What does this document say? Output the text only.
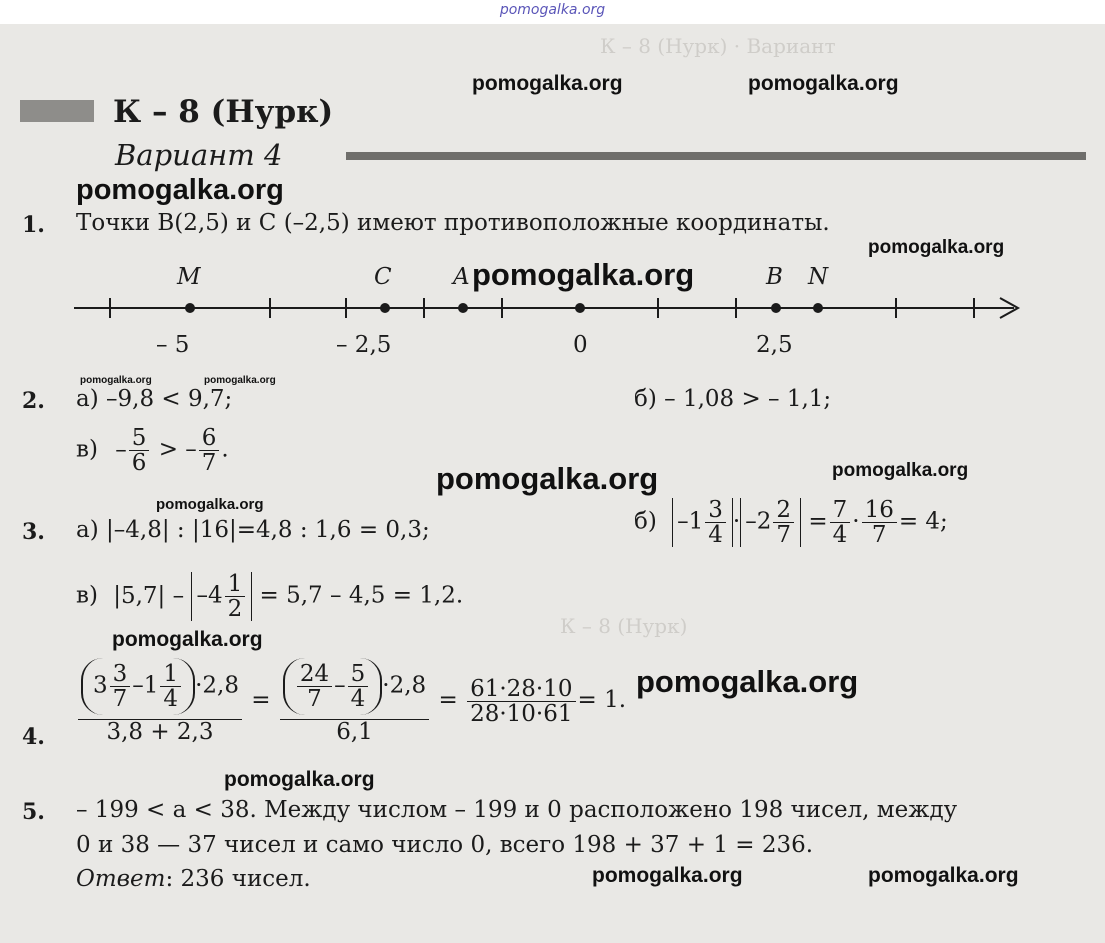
pomogalka.org
К – 8 (Нурк) · Вариант
К – 8 (Нурк)
К – 8 (Нурк)
Вариант 4
pomogalka.org	pomogalka.org
pomogalka.org
pomogalka.org
pomogalka.org
pomogalka.org	pomogalka.org
pomogalka.org
pomogalka.org
pomogalka.org
pomogalka.org
pomogalka.org
pomogalka.org
pomogalka.org	pomogalka.org
1. Точки B(2,5) и C (–2,5) имеют противоположные координаты.
M	C	A	B N
– 5	– 2,5	0	2,5
2. а) –9,8 < 9,7;	б) – 1,08 > – 1,1;
$в) - \frac{5}{6}$ > – $\frac{6}{7}$ .
3. а) |–4,8| : |16|=4,8 : 1,6 = 0,3;	б) $-1 \frac{3}{4} \cdot -2 \frac{2}{7} = \frac{7}{4} \cdot \frac{16}{7} = 4$;
в) $|5,7| - -4 \frac{1}{2} = 5,7 - 4,5 = 1,2$.
4. $\frac{3 \frac{3}{7} -1 \frac{1}{4} \cdot 2,8}{3,8 + 2,3} = \frac{\frac{24}{7} - \frac{5}{4} \cdot 2,8}{6,1} = \frac{61\cdot 28\cdot 10}{28\cdot 10\cdot 61} = 1$.
5. – 199 < a < 38. Между числом – 199 и 0 расположено 198 чисел, между
0 и 38 — 37 чисел и само число 0, всего 198 + 37 + 1 = 236.
Ответ: 236 чисел.
